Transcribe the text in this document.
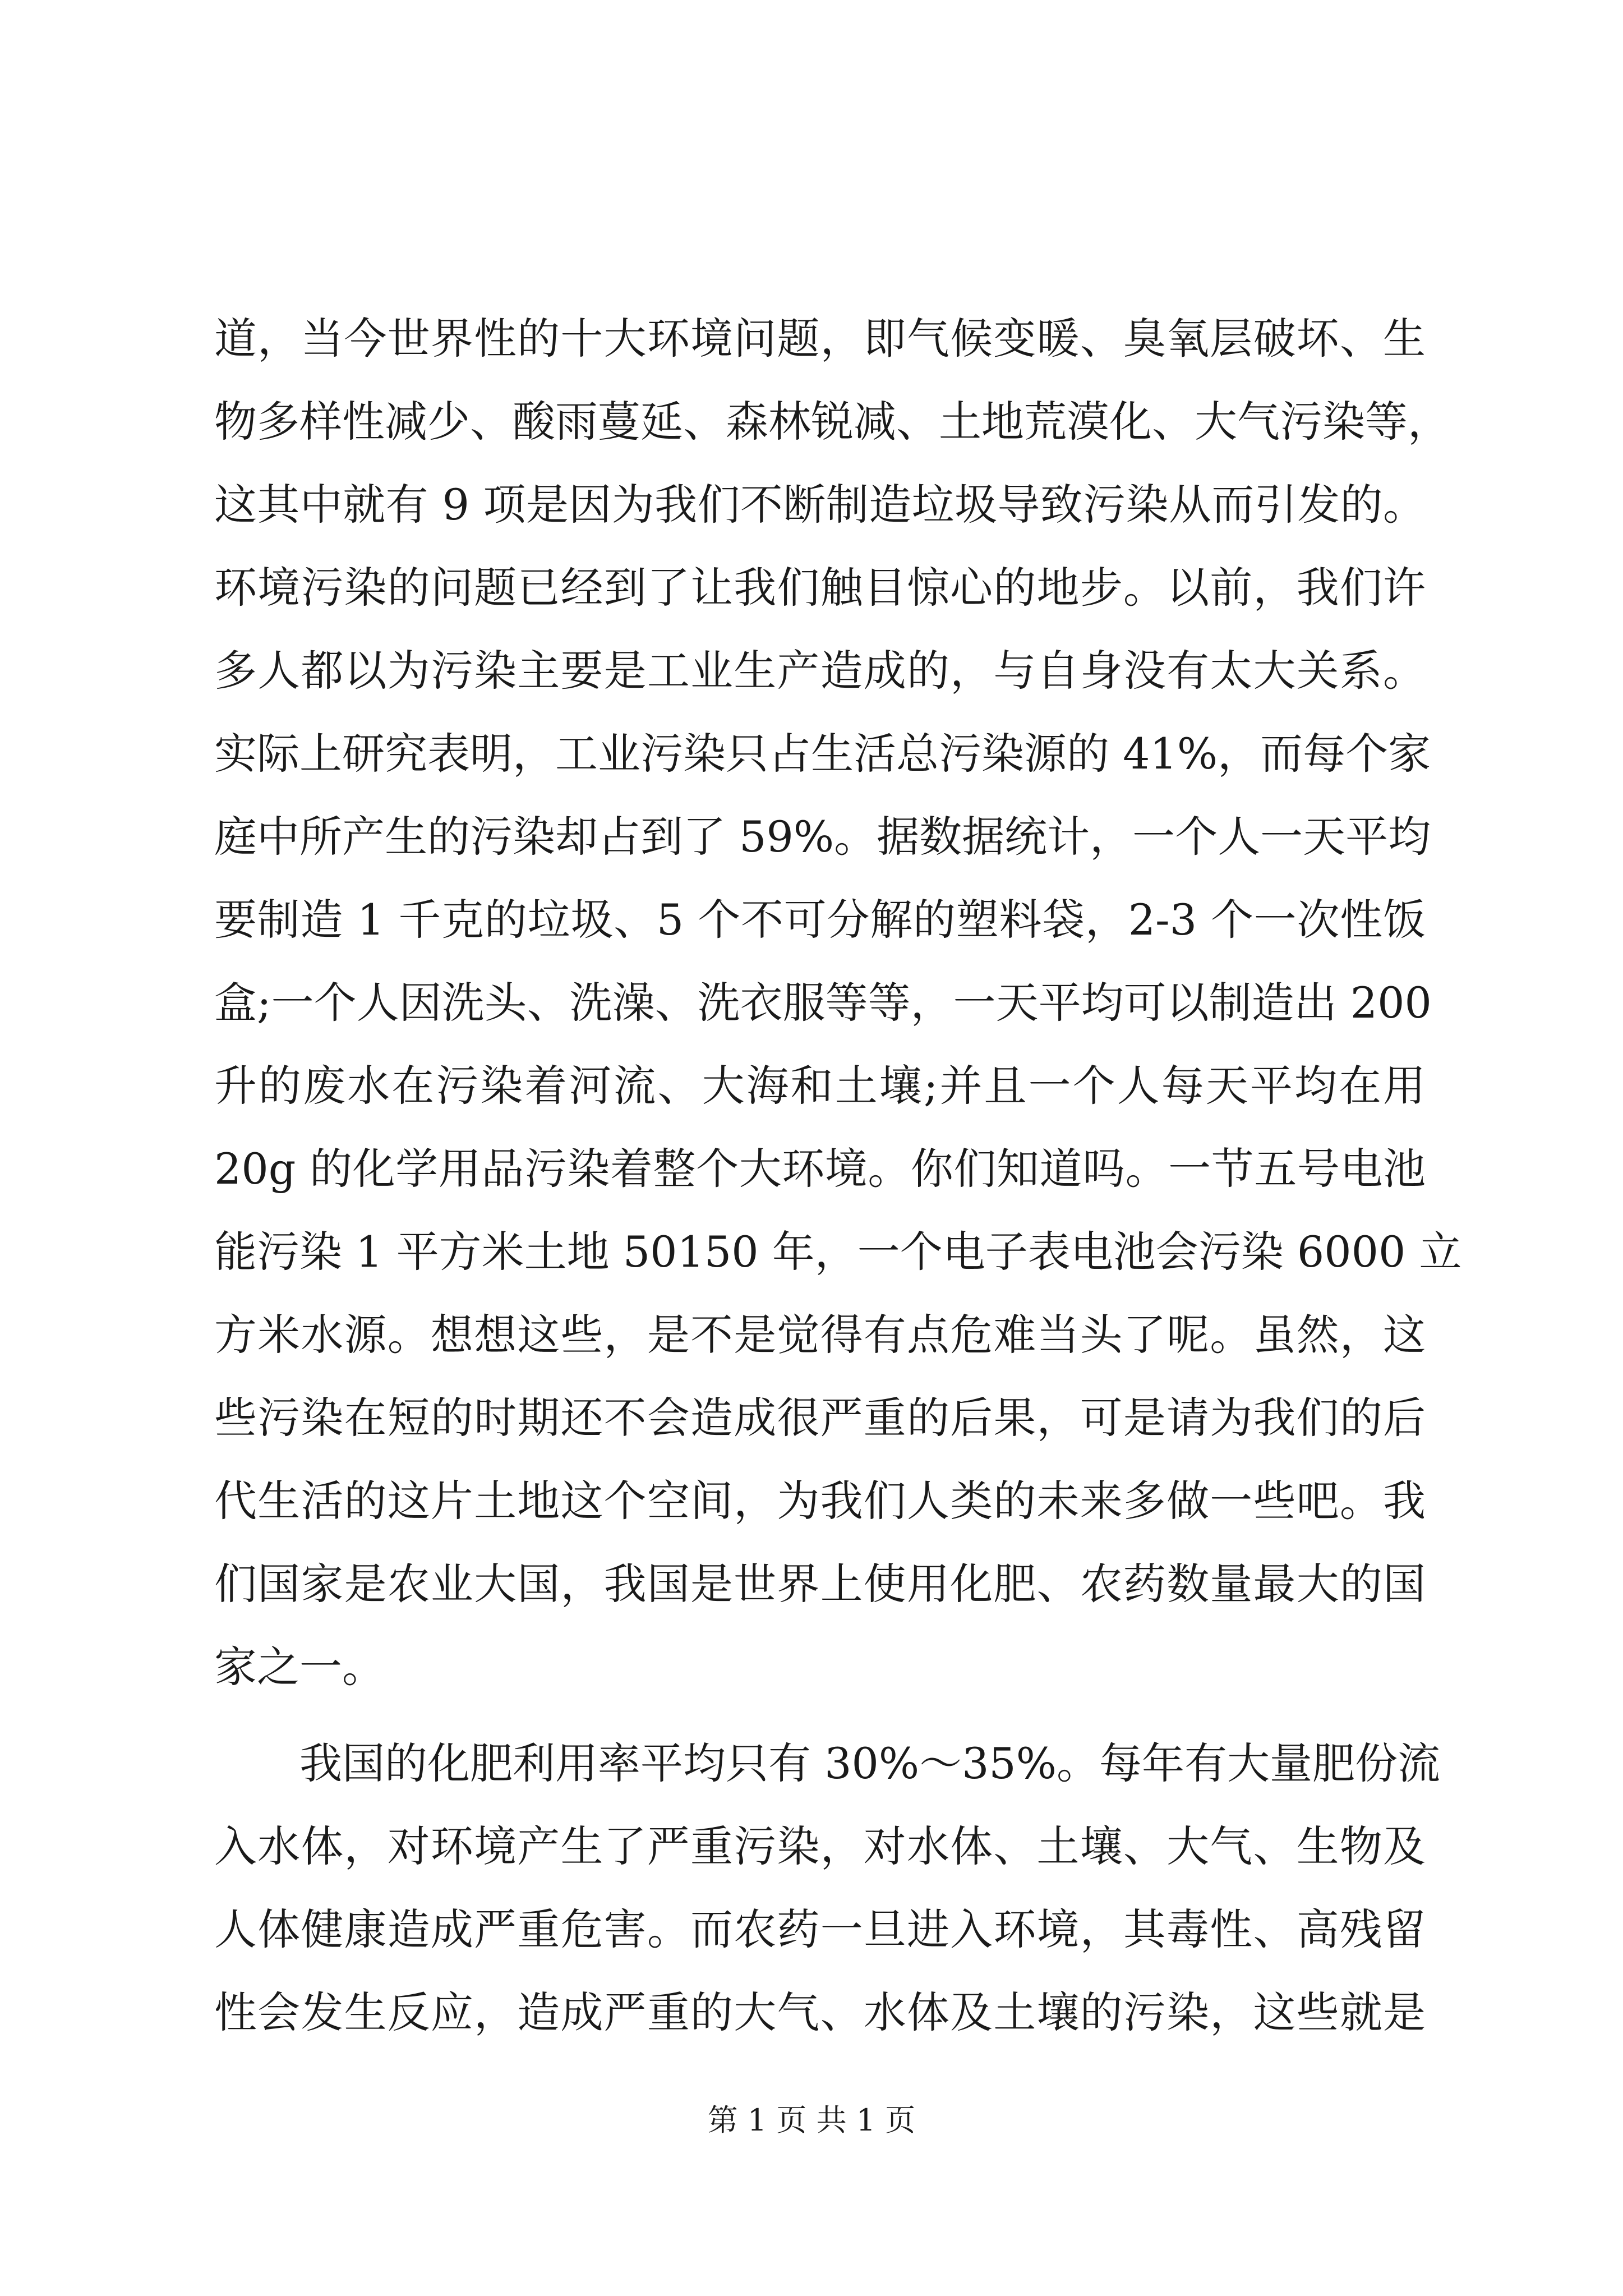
道，当今世界性的十大环境问题，即气候变暖、臭氧层破坏、生
物多样性减少、酸雨蔓延、森林锐减、土地荒漠化、大气污染等，
这其中就有 9 项是因为我们不断制造垃圾导致污染从而引发的。
环境污染的问题已经到了让我们触目惊心的地步。以前，我们许
多人都以为污染主要是工业生产造成的，与自身没有太大关系。
实际上研究表明，工业污染只占生活总污染源的 41%，而每个家
庭中所产生的污染却占到了 59%。据数据统计，一个人一天平均
要制造 1 千克的垃圾、5 个不可分解的塑料袋，2-3 个一次性饭
盒;一个人因洗头、洗澡、洗衣服等等，一天平均可以制造出 200
升的废水在污染着河流、大海和土壤;并且一个人每天平均在用
20g 的化学用品污染着整个大环境。你们知道吗。一节五号电池
能污染 1 平方米土地 50150 年，一个电子表电池会污染 6000 立
方米水源。想想这些，是不是觉得有点危难当头了呢。虽然，这
些污染在短的时期还不会造成很严重的后果，可是请为我们的后
代生活的这片土地这个空间，为我们人类的未来多做一些吧。我
们国家是农业大国，我国是世界上使用化肥、农药数量最大的国
家之一。
我国的化肥利用率平均只有 30%～35%。每年有大量肥份流
入水体，对环境产生了严重污染，对水体、土壤、大气、生物及
人体健康造成严重危害。而农药一旦进入环境，其毒性、高残留
性会发生反应，造成严重的大气、水体及土壤的污染，这些就是
第 1 页 共 1 页
